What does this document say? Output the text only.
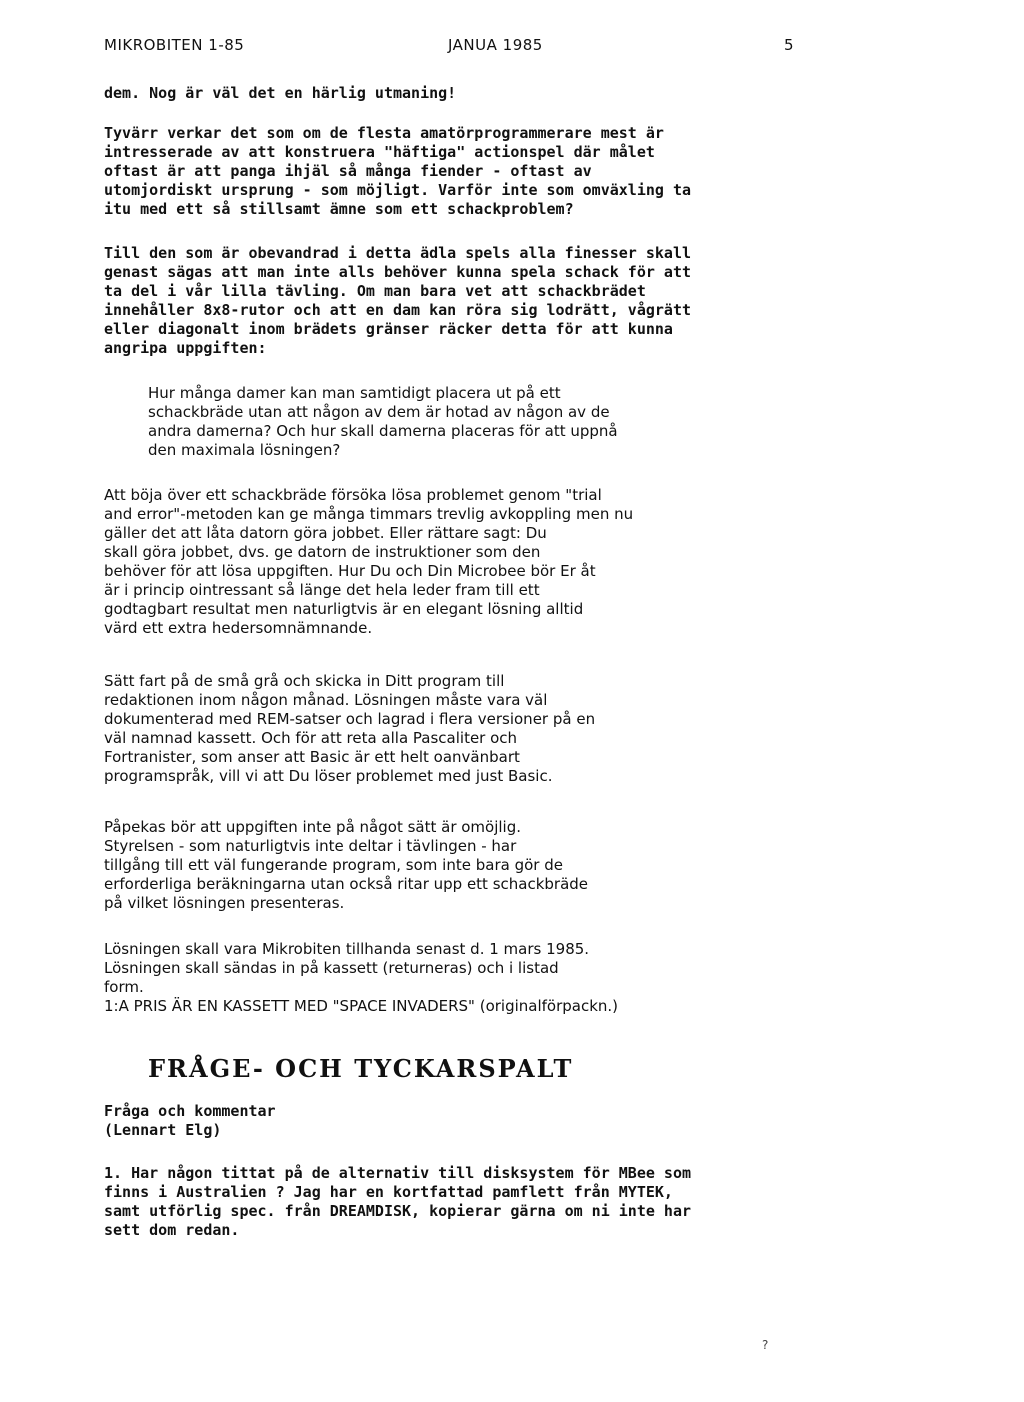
MIKROBITEN 1-85	JANUA 1985	5
dem. Nog är väl det en härlig utmaning!
Tyvärr verkar det som om de flesta amatörprogrammerare mest är
intresserade av att konstruera "häftiga" actionspel där målet
oftast är att panga ihjäl så många fiender - oftast av
utomjordiskt ursprung - som möjligt. Varför inte som omväxling ta
itu med ett så stillsamt ämne som ett schackproblem?
Till den som är obevandrad i detta ädla spels alla finesser skall
genast sägas att man inte alls behöver kunna spela schack för att
ta del i vår lilla tävling. Om man bara vet att schackbrädet
innehåller 8x8-rutor och att en dam kan röra sig lodrätt, vågrätt
eller diagonalt inom brädets gränser räcker detta för att kunna
angripa uppgiften:
Hur många damer kan man samtidigt placera ut på ett
schackbräde utan att någon av dem är hotad av någon av de
andra damerna? Och hur skall damerna placeras för att uppnå
den maximala lösningen?
Att böja över ett schackbräde försöka lösa problemet genom "trial
and error"-metoden kan ge många timmars trevlig avkoppling men nu
gäller det att låta datorn göra jobbet. Eller rättare sagt: Du
skall göra jobbet, dvs. ge datorn de instruktioner som den
behöver för att lösa uppgiften. Hur Du och Din Microbee bör Er åt
är i princip ointressant så länge det hela leder fram till ett
godtagbart resultat men naturligtvis är en elegant lösning alltid
värd ett extra hedersomnämnande.
Sätt fart på de små grå och skicka in Ditt program till
redaktionen inom någon månad. Lösningen måste vara väl
dokumenterad med REM-satser och lagrad i flera versioner på en
väl namnad kassett. Och för att reta alla Pascaliter och
Fortranister, som anser att Basic är ett helt oanvänbart
programspråk, vill vi att Du löser problemet med just Basic.
Påpekas bör att uppgiften inte på något sätt är omöjlig.
Styrelsen - som naturligtvis inte deltar i tävlingen - har
tillgång till ett väl fungerande program, som inte bara gör de
erforderliga beräkningarna utan också ritar upp ett schackbräde
på vilket lösningen presenteras.
Lösningen skall vara Mikrobiten tillhanda senast d. 1 mars 1985.
Lösningen skall sändas in på kassett (returneras) och i listad
form.
1:A PRIS ÄR EN KASSETT MED "SPACE INVADERS" (originalförpackn.)
FRÅGE- OCH TYCKARSPALT
Fråga och kommentar
(Lennart Elg)
1. Har någon tittat på de alternativ till disksystem för MBee som
finns i Australien ? Jag har en kortfattad pamflett från MYTEK,
samt utförlig spec. från DREAMDISK, kopierar gärna om ni inte har
sett dom redan.
?
